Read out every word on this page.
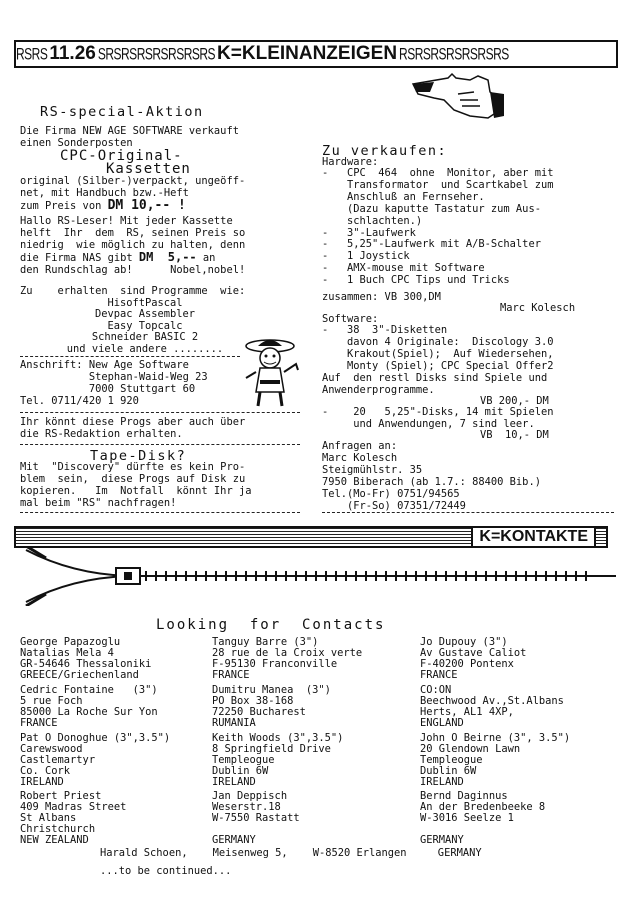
RSRS 11.26 SRSRSRSRSRSRSRS K=KLEINANZEIGEN RSRSRSRSRSRSRS
RS-special-Aktion
Die Firma NEW AGE SOFTWARE verkauft
einen Sonderposten
CPC-Original-
Kassetten
original (Silber-)verpackt, ungeöff-
net, mit Handbuch bzw.-Heft
zum Preis von DM 10,-- !
Hallo RS-Leser! Mit jeder Kassette
helft  Ihr  dem  RS, seinen Preis so
niedrig  wie möglich zu halten, denn
die Firma NAS gibt DM  5,-- an
den Rundschlag ab!      Nobel,nobel!
Zu    erhalten  sind Programme  wie:
HisoftPascal
Devpac Assembler
Easy Topcalc
Schneider BASIC 2
und viele andere ........
Anschrift: New Age Software
Stephan-Waid-Weg 23
7000 Stuttgart 60
Tel. 0711/420 1 920
Ihr könnt diese Progs aber auch über
die RS-Redaktion erhalten.
Tape-Disk?
Mit  "Discovery" dürfte es kein Pro-
blem  sein,  diese Progs auf Disk zu
kopieren.   Im  Notfall  könnt Ihr ja
mal beim "RS" nachfragen!
Zu verkaufen:
Hardware:
-   CPC  464  ohne  Monitor, aber mit
Transformator  und Scartkabel zum
Anschluß an Fernseher.
(Dazu kaputte Tastatur zum Aus-
schlachten.)
-   3"-Laufwerk
-   5,25"-Laufwerk mit A/B-Schalter
-   1 Joystick
-   AMX-mouse mit Software
-   1 Buch CPC Tips und Tricks
zusammen: VB 300,DM
Marc Kolesch
Software:
-   38  3"-Disketten
davon 4 Originale:  Discology 3.0
Krakout(Spiel);  Auf Wiedersehen,
Monty (Spiel); CPC Special Offer2
Auf  den restl Disks sind Spiele und
Anwenderprogramme.
VB 200,- DM
-    20   5,25"-Disks, 14 mit Spielen
und Anwendungen, 7 sind leer.
VB  10,- DM
Anfragen an:
Marc Kolesch
Steigmühlstr. 35
7950 Biberach (ab 1.7.: 88400 Bib.)
Tel.(Mo-Fr) 0751/94565
(Fr-So) 07351/72449
K=KONTAKTE
Looking  for  Contacts
George Papazoglu
Natalias Mela 4
GR-54646 Thessaloniki
GREECE/Griechenland
Tanguy Barre (3")
28 rue de la Croix verte
F-95130 Franconville
FRANCE
Jo Dupouy (3")
Av Gustave Caliot
F-40200 Pontenx
FRANCE
Cedric Fontaine   (3")
5 rue Foch
85000 La Roche Sur Yon
FRANCE
Dumitru Manea  (3")
PO Box 38-168
72250 Bucharest
RUMANIA
CO:ON
Beechwood Av.,St.Albans
Herts, AL1 4XP,
ENGLAND
Pat O Donoghue (3",3.5")
Carewswood
Castlemartyr
Co. Cork
IRELAND
Keith Woods (3",3.5")
8 Springfield Drive
Templeogue
Dublin 6W
IRELAND
John O Beirne (3", 3.5")
20 Glendown Lawn
Templeogue
Dublin 6W
IRELAND
Robert Priest
409 Madras Street
St Albans
Christchurch
NEW ZEALAND
Jan Deppisch
Weserstr.18
W-7550 Rastatt

GERMANY
Bernd Daginnus
An der Bredenbeeke 8
W-3016 Seelze 1

GERMANY
Harald Schoen,    Meisenweg 5,    W-8520 Erlangen     GERMANY
...to be continued...
